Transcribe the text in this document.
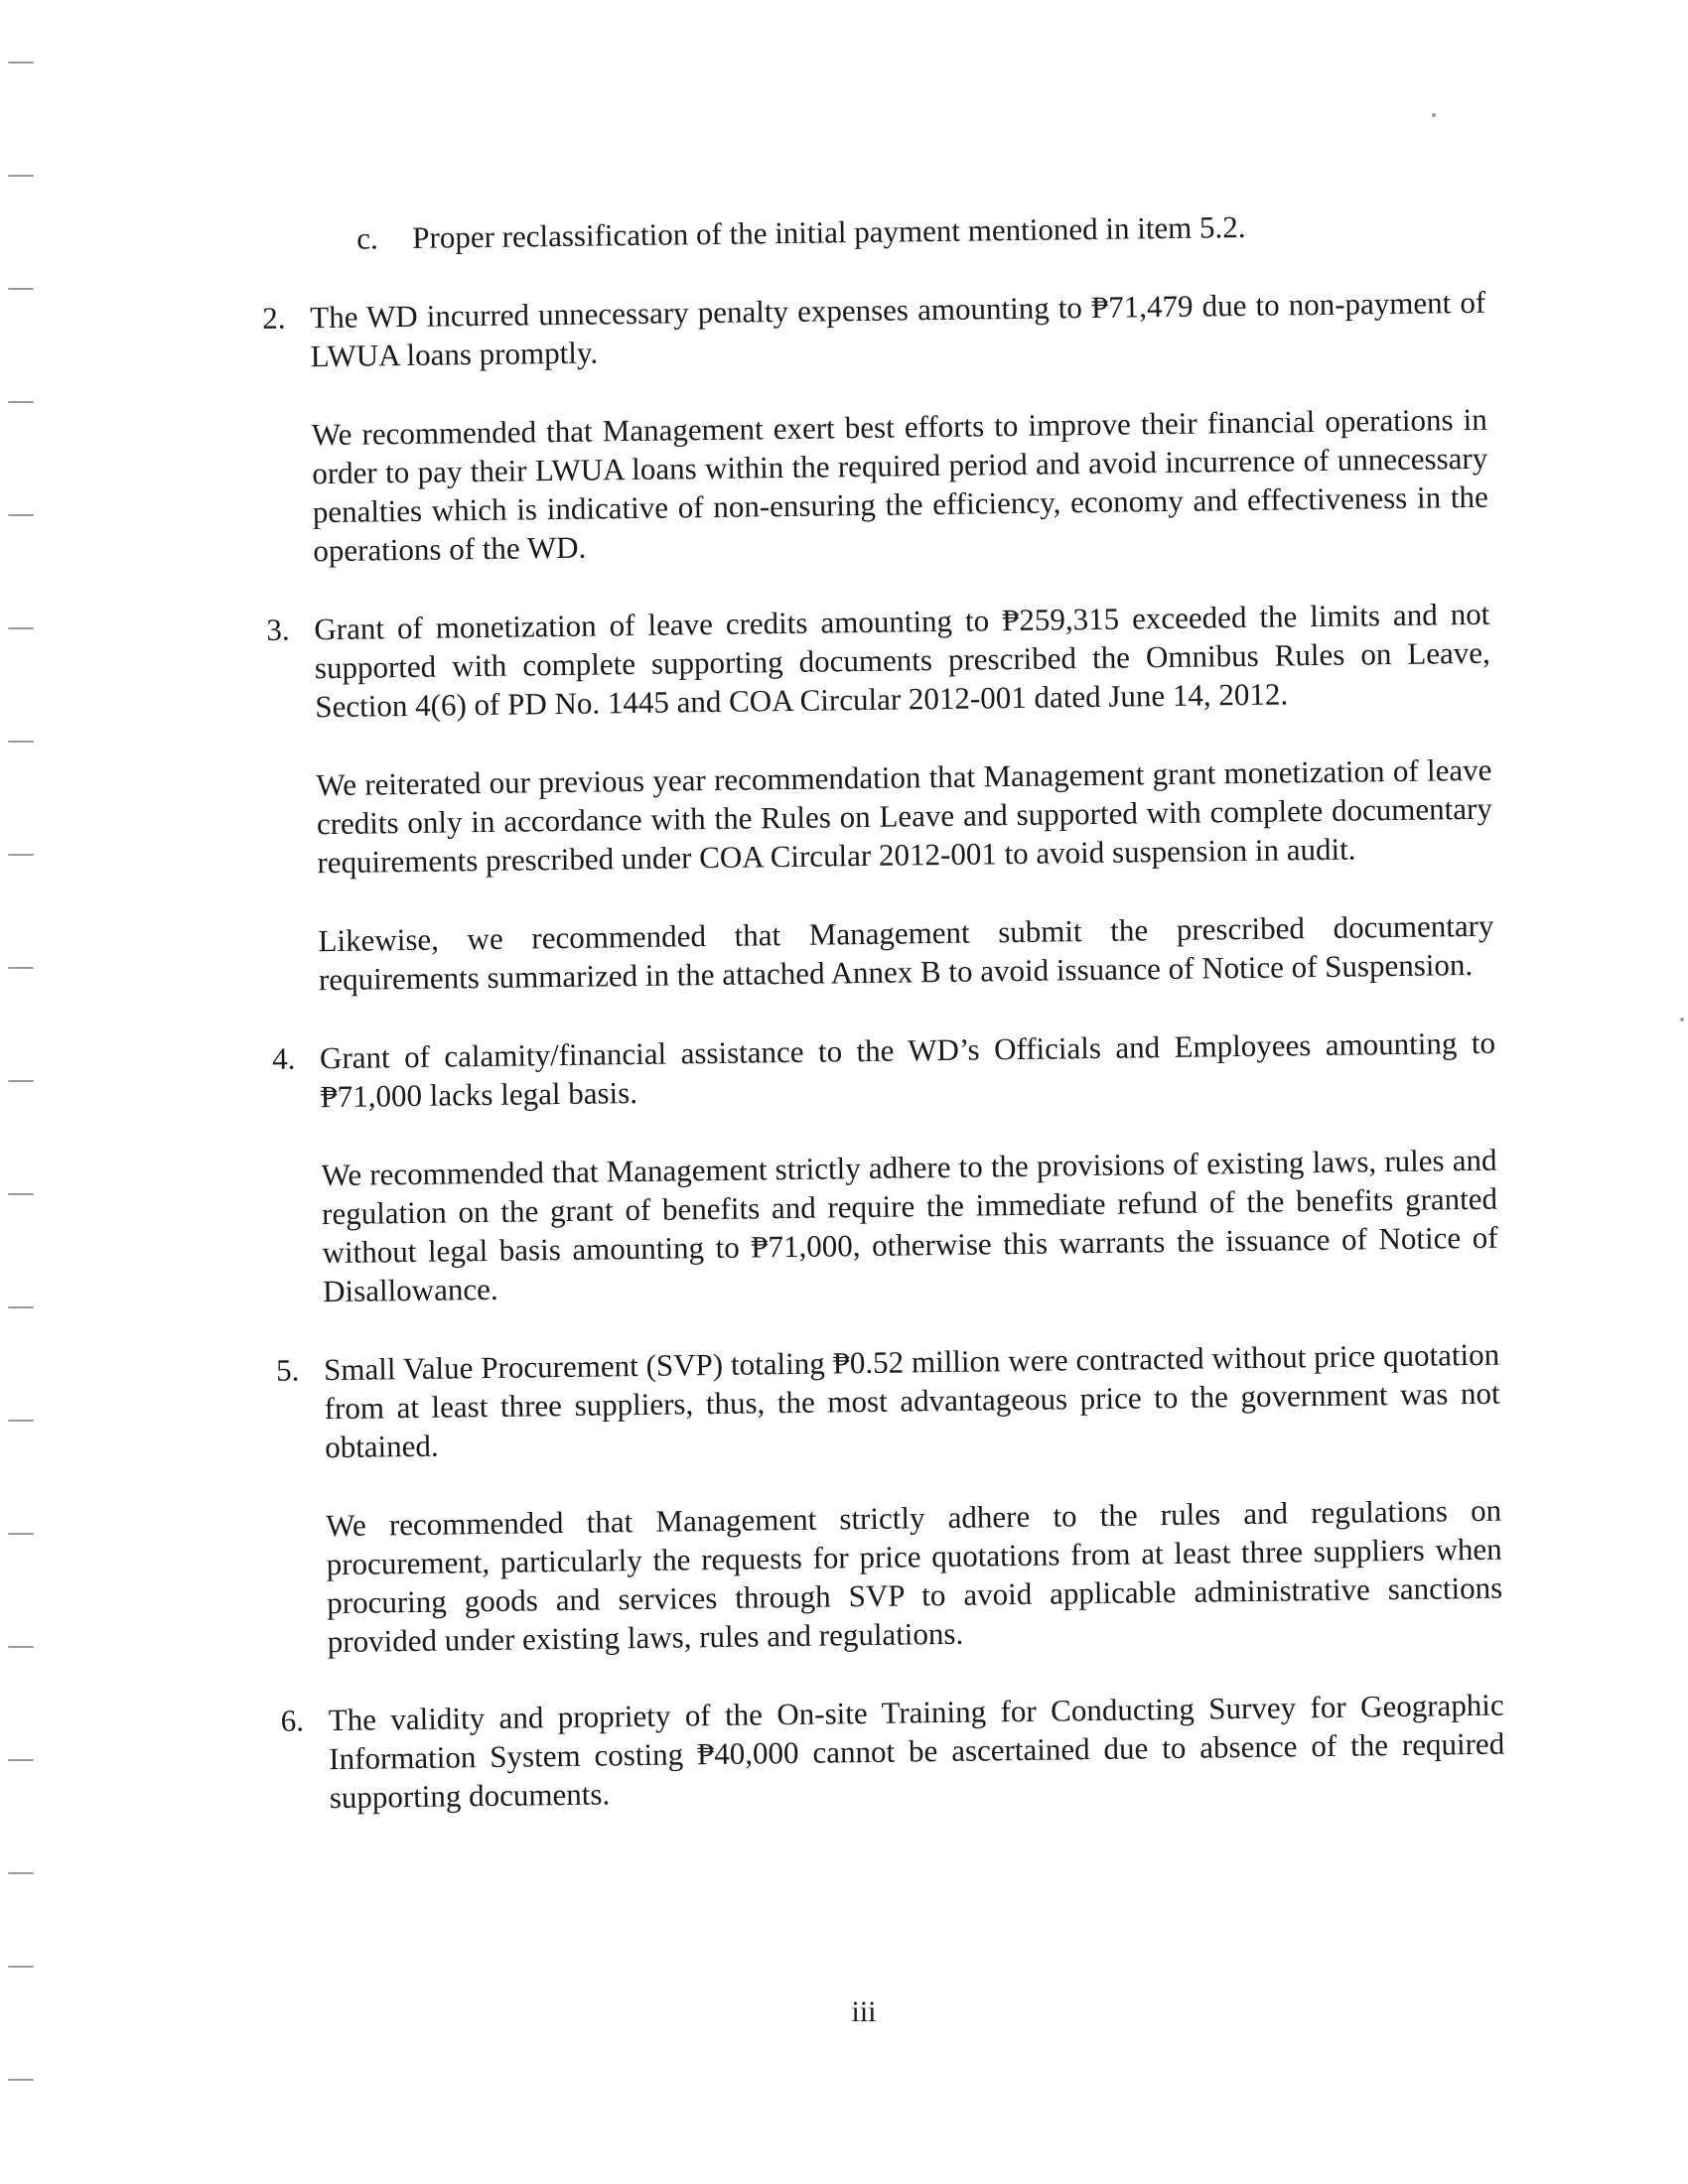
c. Proper reclassification of the initial payment mentioned in item 5.2.
2. The WD incurred unnecessary penalty expenses amounting to ₱71,479 due to non-payment of LWUA loans promptly.
We recommended that Management exert best efforts to improve their financial operations in order to pay their LWUA loans within the required period and avoid incurrence of unnecessary penalties which is indicative of non-ensuring the efficiency, economy and effectiveness in the operations of the WD.
3. Grant of monetization of leave credits amounting to ₱259,315 exceeded the limits and not supported with complete supporting documents prescribed the Omnibus Rules on Leave, Section 4(6) of PD No. 1445 and COA Circular 2012-001 dated June 14, 2012.
We reiterated our previous year recommendation that Management grant monetization of leave credits only in accordance with the Rules on Leave and supported with complete documentary requirements prescribed under COA Circular 2012-001 to avoid suspension in audit.
Likewise, we recommended that Management submit the prescribed documentary requirements summarized in the attached Annex B to avoid issuance of Notice of Suspension.
4. Grant of calamity/financial assistance to the WD’s Officials and Employees amounting to ₱71,000 lacks legal basis.
We recommended that Management strictly adhere to the provisions of existing laws, rules and regulation on the grant of benefits and require the immediate refund of the benefits granted without legal basis amounting to ₱71,000, otherwise this warrants the issuance of Notice of Disallowance.
5. Small Value Procurement (SVP) totaling ₱0.52 million were contracted without price quotation from at least three suppliers, thus, the most advantageous price to the government was not obtained.
We recommended that Management strictly adhere to the rules and regulations on procurement, particularly the requests for price quotations from at least three suppliers when procuring goods and services through SVP to avoid applicable administrative sanctions provided under existing laws, rules and regulations.
6. The validity and propriety of the On-site Training for Conducting Survey for Geographic Information System costing ₱40,000 cannot be ascertained due to absence of the required supporting documents.
iii
